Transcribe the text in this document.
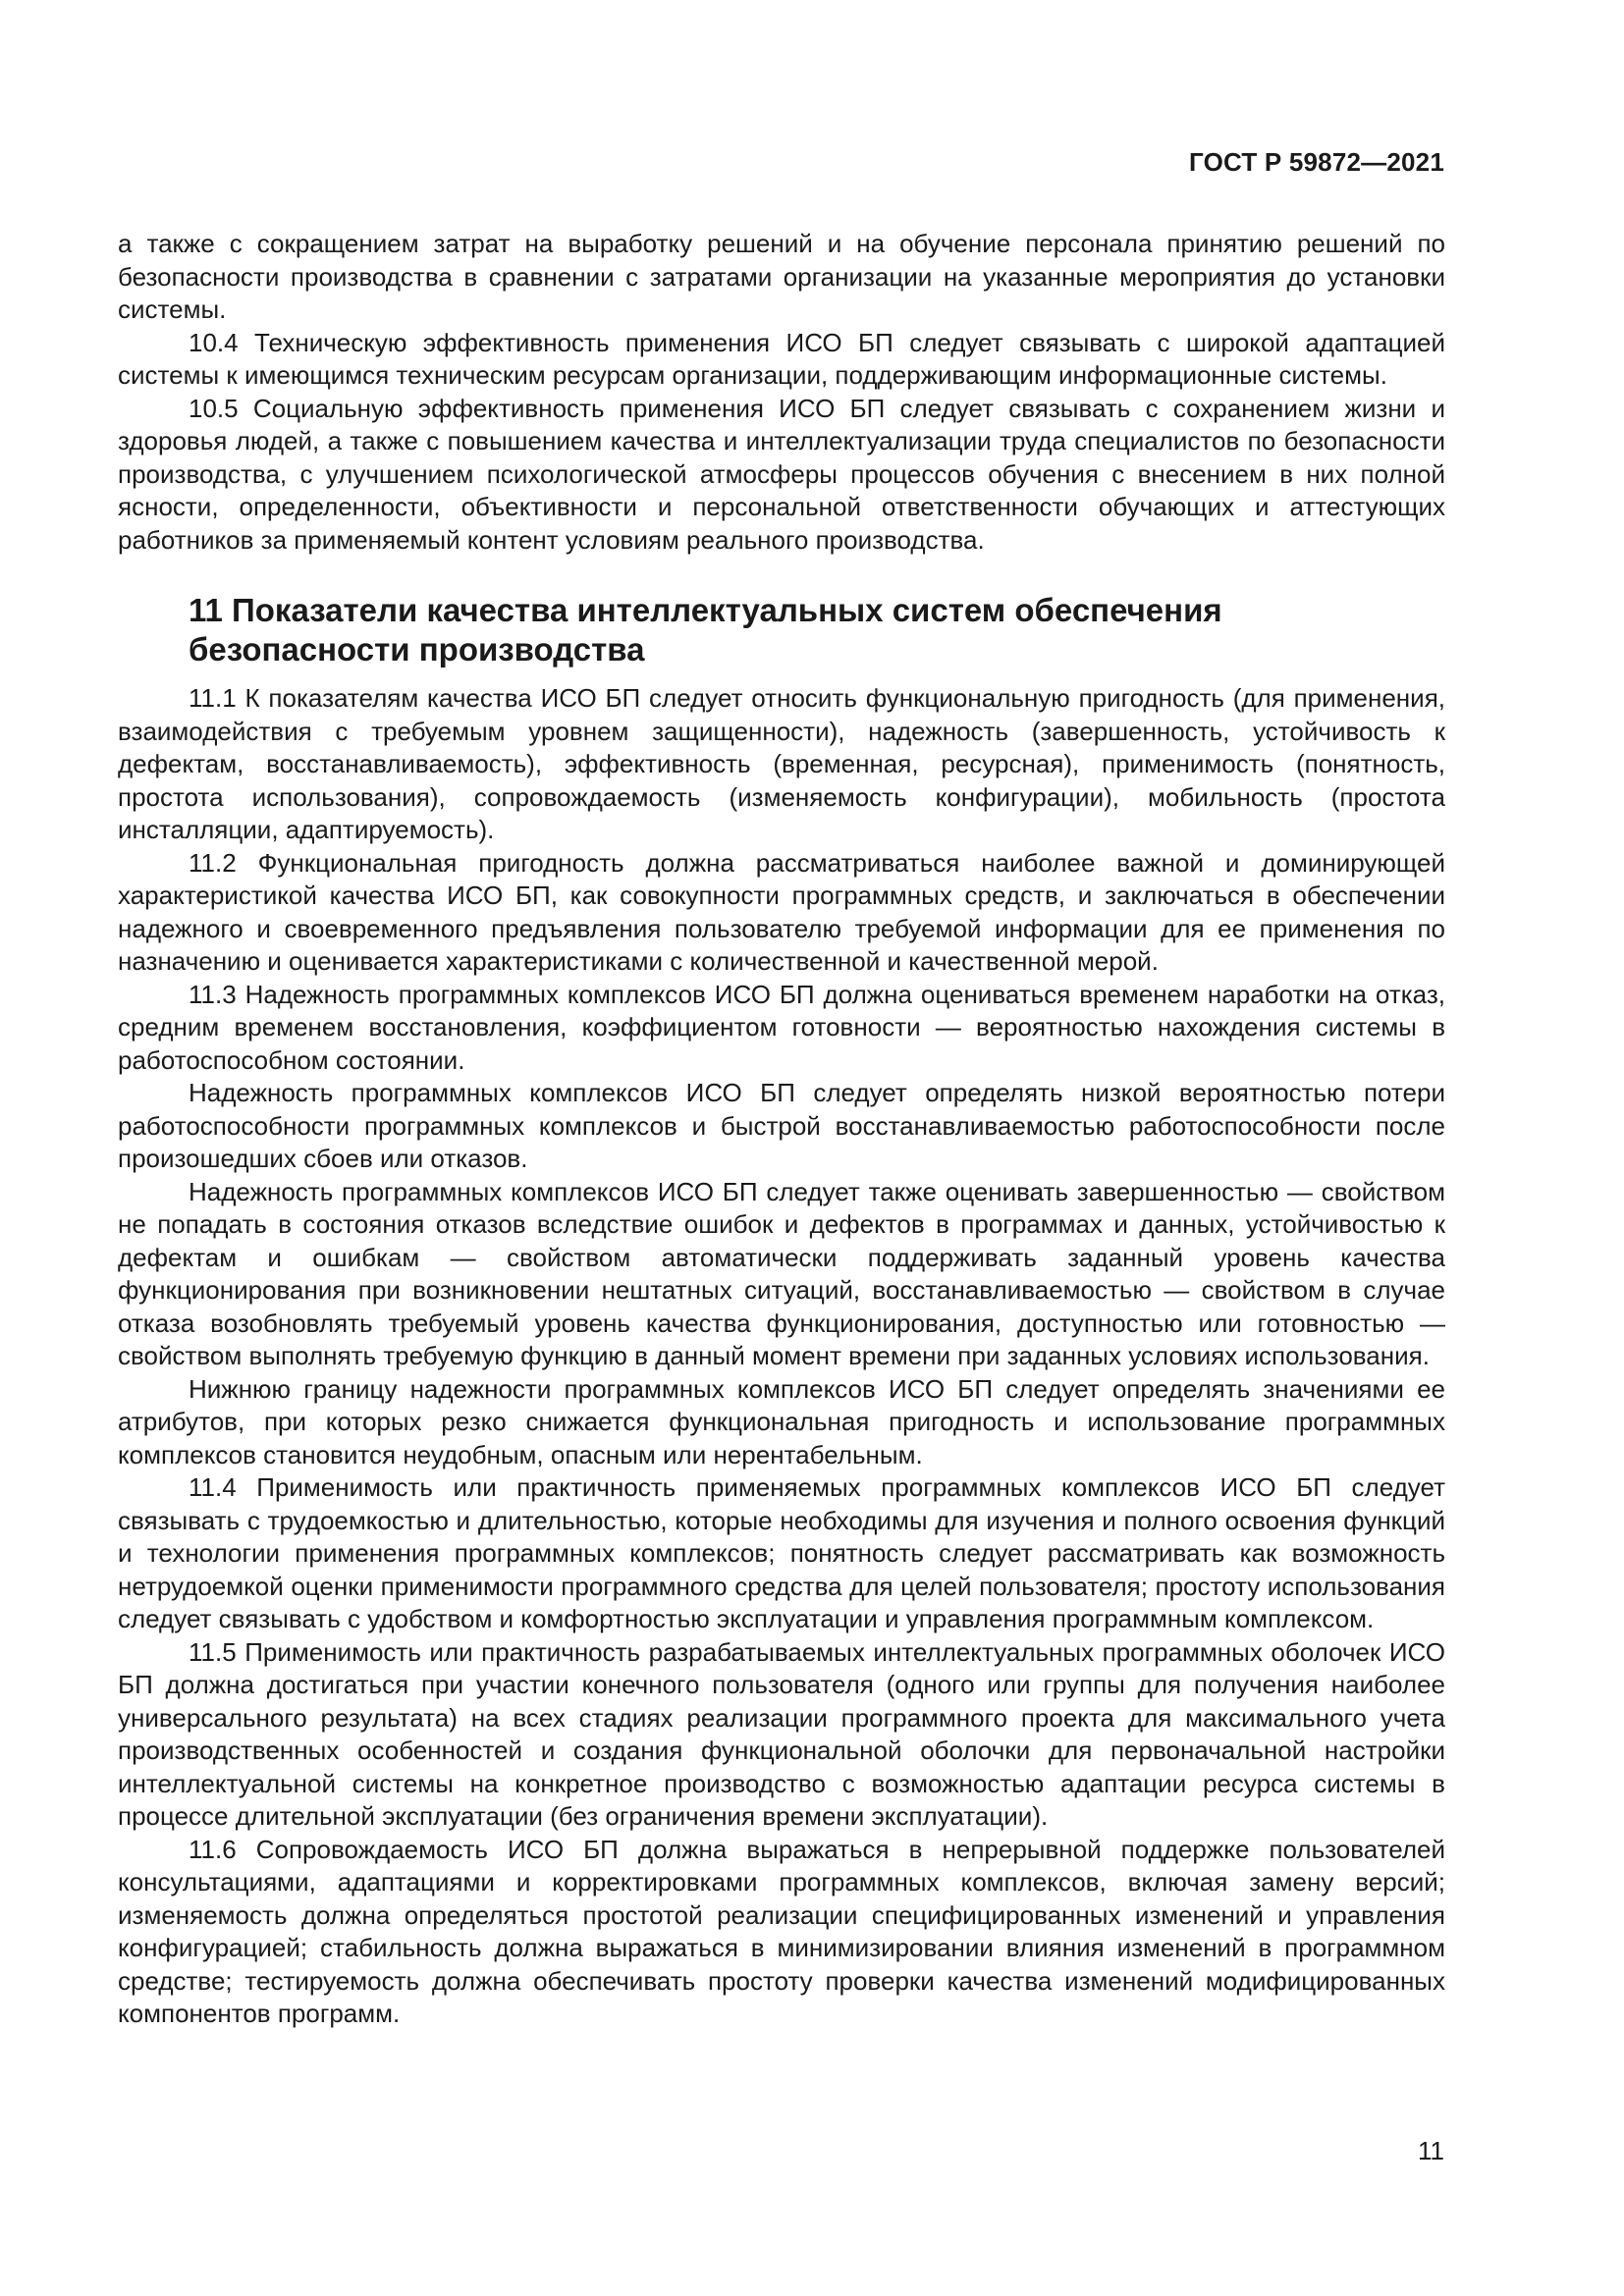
ГОСТ Р 59872—2021

а также с сокращением затрат на выработку решений и на обучение персонала принятию решений по безопасности производства в сравнении с затратами организации на указанные мероприятия до установки системы.

10.4 Техническую эффективность применения ИСО БП следует связывать с широкой адаптацией системы к имеющимся техническим ресурсам организации, поддерживающим информационные системы.

10.5 Социальную эффективность применения ИСО БП следует связывать с сохранением жизни и здоровья людей, а также с повышением качества и интеллектуализации труда специалистов по безопасности производства, с улучшением психологической атмосферы процессов обучения с внесением в них полной ясности, определенности, объективности и персональной ответственности обучающих и аттестующих работников за применяемый контент условиям реального производства.

11 Показатели качества интеллектуальных систем обеспечения безопасности производства

11.1 К показателям качества ИСО БП следует относить функциональную пригодность (для применения, взаимодействия с требуемым уровнем защищенности), надежность (завершенность, устойчивость к дефектам, восстанавливаемость), эффективность (временная, ресурсная), применимость (понятность, простота использования), сопровождаемость (изменяемость конфигурации), мобильность (простота инсталляции, адаптируемость).

11.2 Функциональная пригодность должна рассматриваться наиболее важной и доминирующей характеристикой качества ИСО БП, как совокупности программных средств, и заключаться в обеспечении надежного и своевременного предъявления пользователю требуемой информации для ее применения по назначению и оценивается характеристиками с количественной и качественной мерой.

11.3 Надежность программных комплексов ИСО БП должна оцениваться временем наработки на отказ, средним временем восстановления, коэффициентом готовности — вероятностью нахождения системы в работоспособном состоянии.

Надежность программных комплексов ИСО БП следует определять низкой вероятностью потери работоспособности программных комплексов и быстрой восстанавливаемостью работоспособности после произошедших сбоев или отказов.

Надежность программных комплексов ИСО БП следует также оценивать завершенностью — свойством не попадать в состояния отказов вследствие ошибок и дефектов в программах и данных, устойчивостью к дефектам и ошибкам — свойством автоматически поддерживать заданный уровень качества функционирования при возникновении нештатных ситуаций, восстанавливаемостью — свойством в случае отказа возобновлять требуемый уровень качества функционирования, доступностью или готовностью — свойством выполнять требуемую функцию в данный момент времени при заданных условиях использования.

Нижнюю границу надежности программных комплексов ИСО БП следует определять значениями ее атрибутов, при которых резко снижается функциональная пригодность и использование программных комплексов становится неудобным, опасным или нерентабельным.

11.4 Применимость или практичность применяемых программных комплексов ИСО БП следует связывать с трудоемкостью и длительностью, которые необходимы для изучения и полного освоения функций и технологии применения программных комплексов; понятность следует рассматривать как возможность нетрудоемкой оценки применимости программного средства для целей пользователя; простоту использования следует связывать с удобством и комфортностью эксплуатации и управления программным комплексом.

11.5 Применимость или практичность разрабатываемых интеллектуальных программных оболочек ИСО БП должна достигаться при участии конечного пользователя (одного или группы для получения наиболее универсального результата) на всех стадиях реализации программного проекта для максимального учета производственных особенностей и создания функциональной оболочки для первоначальной настройки интеллектуальной системы на конкретное производство с возможностью адаптации ресурса системы в процессе длительной эксплуатации (без ограничения времени эксплуатации).

11.6 Сопровождаемость ИСО БП должна выражаться в непрерывной поддержке пользователей консультациями, адаптациями и корректировками программных комплексов, включая замену версий; изменяемость должна определяться простотой реализации специфицированных изменений и управления конфигурацией; стабильность должна выражаться в минимизировании влияния изменений в программном средстве; тестируемость должна обеспечивать простоту проверки качества изменений модифицированных компонентов программ.

11
